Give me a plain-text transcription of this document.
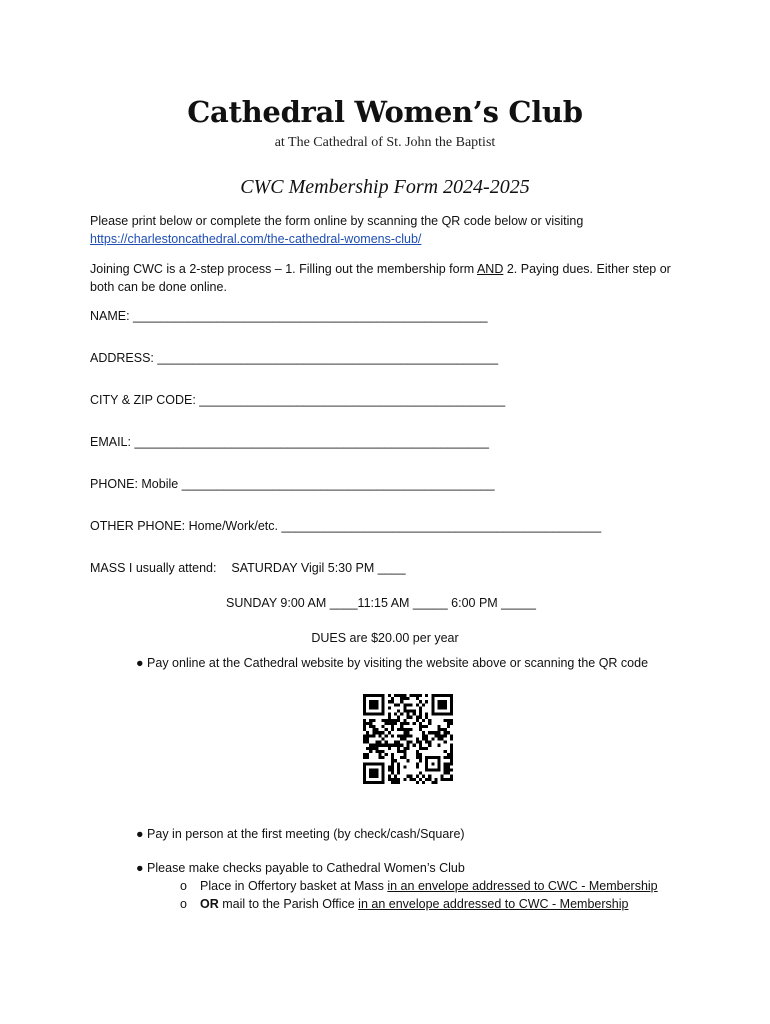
Cathedral Women’s Club
at The Cathedral of St. John the Baptist
CWC Membership Form 2024-2025
Please print below or complete the form online by scanning the QR code below or visiting
https://charlestoncathedral.com/the-cathedral-womens-club/
Joining CWC is a 2-step process – 1. Filling out the membership form AND 2. Paying dues. Either step or
both can be done online.
NAME: ___________________________________________________
ADDRESS: _________________________________________________
CITY & ZIP CODE: ____________________________________________
EMAIL: ___________________________________________________
PHONE: Mobile _____________________________________________
OTHER PHONE: Home/Work/etc. ______________________________________________
MASS I usually attend: SATURDAY Vigil 5:30 PM ____
SUNDAY 9:00 AM ____11:15 AM _____ 6:00 PM _____
DUES are $20.00 per year
● Pay online at the Cathedral website by visiting the website above or scanning the QR code
● Pay in person at the first meeting (by check/cash/Square)
● Please make checks payable to Cathedral Women’s Club
o Place in Offertory basket at Mass in an envelope addressed to CWC - Membership
o OR mail to the Parish Office in an envelope addressed to CWC - Membership
